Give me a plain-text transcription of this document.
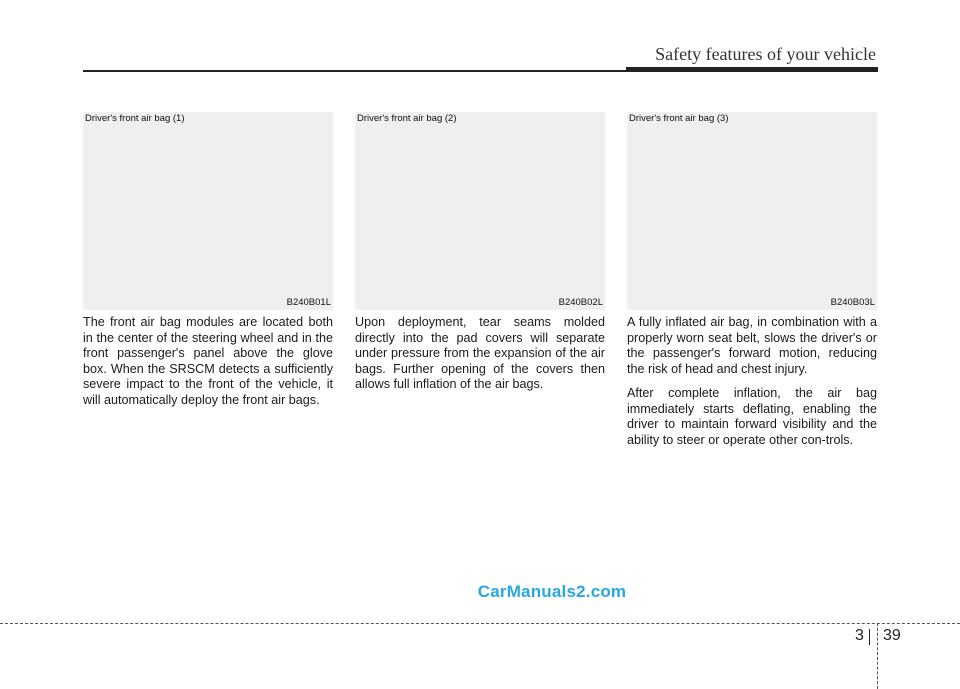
Safety features of your vehicle
Driver's front air bag (1)
B240B01L
Driver's front air bag (2)
B240B02L
Driver's front air bag (3)
B240B03L

The front air bag modules are located both in the center of the steering wheel and in the front passenger's panel above the glove box. When the SRSCM detects a sufficiently severe impact to the front of the vehicle, it will automatically deploy the front air bags.

Upon deployment, tear seams molded directly into the pad covers will separate under pressure from the expansion of the air bags. Further opening of the covers then allows full inflation of the air bags.

A fully inflated air bag, in combination with a properly worn seat belt, slows the driver's or the passenger's forward motion, reducing the risk of head and chest injury.

After complete inflation, the air bag immediately starts deflating, enabling the driver to maintain forward visibility and the ability to steer or operate other con-trols.

CarManuals2.com
3 39
